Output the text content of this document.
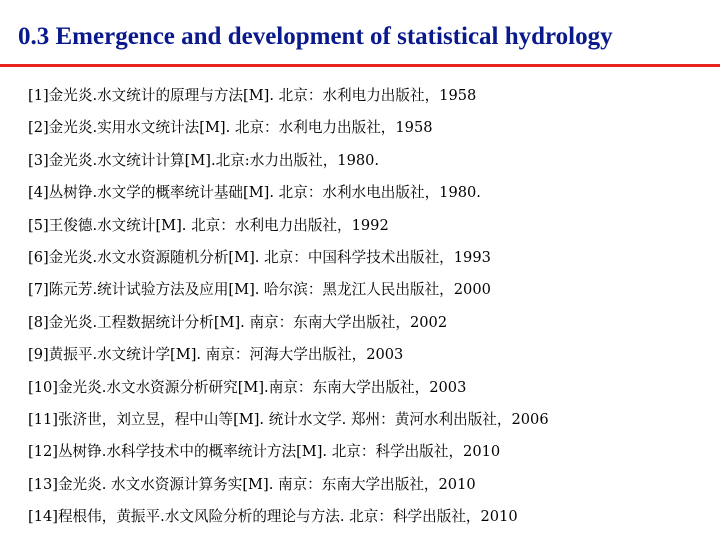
0.3 Emergence and development of statistical hydrology
[1]金光炎.水文统计的原理与方法[M]. 北京：水利电力出版社，1958
[2]金光炎.实用水文统计法[M]. 北京：水利电力出版社，1958
[3]金光炎.水文统计计算[M].北京:水力出版社，1980.
[4]丛树铮.水文学的概率统计基础[M]. 北京：水利水电出版社，1980.
[5]王俊德.水文统计[M]. 北京：水利电力出版社，1992
[6]金光炎.水文水资源随机分析[M]. 北京：中国科学技术出版社，1993
[7]陈元芳.统计试验方法及应用[M]. 哈尔滨：黑龙江人民出版社，2000
[8]金光炎.工程数据统计分析[M]. 南京：东南大学出版社，2002
[9]黄振平.水文统计学[M]. 南京：河海大学出版社，2003
[10]金光炎.水文水资源分析研究[M].南京：东南大学出版社，2003
[11]张济世，刘立昱，程中山等[M]. 统计水文学. 郑州：黄河水利出版社，2006
[12]丛树铮.水科学技术中的概率统计方法[M]. 北京：科学出版社，2010
[13]金光炎. 水文水资源计算务实[M]. 南京：东南大学出版社，2010
[14]程根伟，黄振平.水文风险分析的理论与方法. 北京：科学出版社，2010
